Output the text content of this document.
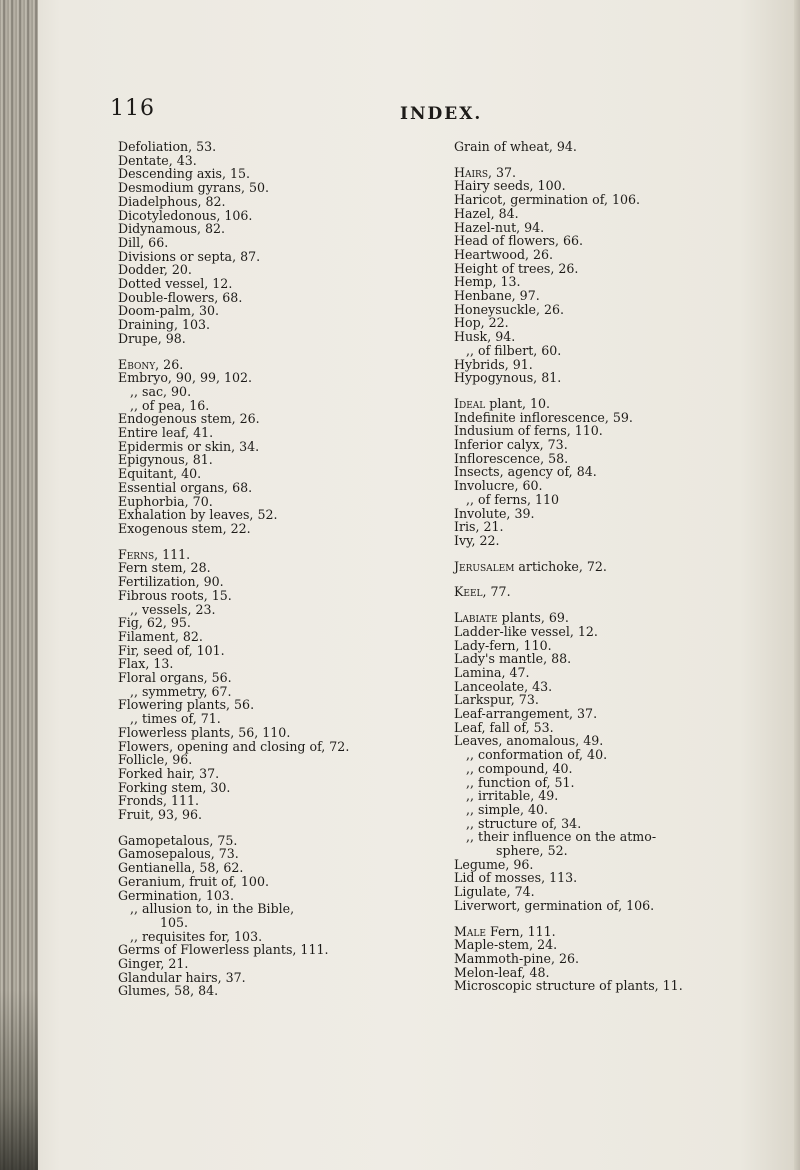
116	INDEX.
Defoliation, 53.
Dentate, 43.
Descending axis, 15.
Desmodium gyrans, 50.
Diadelphous, 82.
Dicotyledonous, 106.
Didynamous, 82.
Dill, 66.
Divisions or septa, 87.
Dodder, 20.
Dotted vessel, 12.
Double-flowers, 68.
Doom-palm, 30.
Draining, 103.
Drupe, 98.
Ebony, 26.
Embryo, 90, 99, 102.
,, sac, 90.
,, of pea, 16.
Endogenous stem, 26.
Entire leaf, 41.
Epidermis or skin, 34.
Epigynous, 81.
Equitant, 40.
Essential organs, 68.
Euphorbia, 70.
Exhalation by leaves, 52.
Exogenous stem, 22.
Ferns, 111.
Fern stem, 28.
Fertilization, 90.
Fibrous roots, 15.
,, vessels, 23.
Fig, 62, 95.
Filament, 82.
Fir, seed of, 101.
Flax, 13.
Floral organs, 56.
,, symmetry, 67.
Flowering plants, 56.
,, times of, 71.
Flowerless plants, 56, 110.
Flowers, opening and closing of, 72.
Follicle, 96.
Forked hair, 37.
Forking stem, 30.
Fronds, 111.
Fruit, 93, 96.
Gamopetalous, 75.
Gamosepalous, 73.
Gentianella, 58, 62.
Geranium, fruit of, 100.
Germination, 103.
,, allusion to, in the Bible,
105.
,, requisites for, 103.
Germs of Flowerless plants, 111.
Ginger, 21.
Glandular hairs, 37.
Glumes, 58, 84.
Grain of wheat, 94.
Hairs, 37.
Hairy seeds, 100.
Haricot, germination of, 106.
Hazel, 84.
Hazel-nut, 94.
Head of flowers, 66.
Heartwood, 26.
Height of trees, 26.
Hemp, 13.
Henbane, 97.
Honeysuckle, 26.
Hop, 22.
Husk, 94.
,, of filbert, 60.
Hybrids, 91.
Hypogynous, 81.
Ideal plant, 10.
Indefinite inflorescence, 59.
Indusium of ferns, 110.
Inferior calyx, 73.
Inflorescence, 58.
Insects, agency of, 84.
Involucre, 60.
,, of ferns, 110
Involute, 39.
Iris, 21.
Ivy, 22.
Jerusalem artichoke, 72.
Keel, 77.
Labiate plants, 69.
Ladder-like vessel, 12.
Lady-fern, 110.
Lady's mantle, 88.
Lamina, 47.
Lanceolate, 43.
Larkspur, 73.
Leaf-arrangement, 37.
Leaf, fall of, 53.
Leaves, anomalous, 49.
,, conformation of, 40.
,, compound, 40.
,, function of, 51.
,, irritable, 49.
,, simple, 40.
,, structure of, 34.
,, their influence on the atmo-
sphere, 52.
Legume, 96.
Lid of mosses, 113.
Ligulate, 74.
Liverwort, germination of, 106.
Male Fern, 111.
Maple-stem, 24.
Mammoth-pine, 26.
Melon-leaf, 48.
Microscopic structure of plants, 11.
